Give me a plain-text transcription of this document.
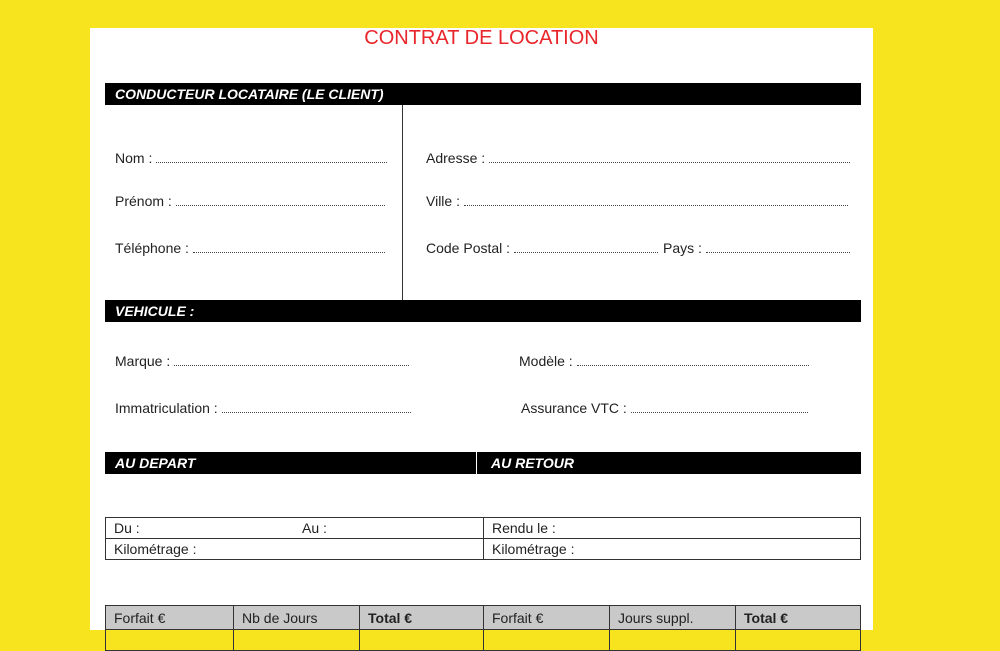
CONTRAT DE LOCATION
CONDUCTEUR LOCATAIRE (LE CLIENT)
Nom :
Prénom :
Téléphone :
Adresse :
Ville :
Code Postal :	Pays :
VEHICULE :
Marque :	Modèle :
Immatriculation :	Assurance VTC :
AU DEPART	AU RETOUR
Du : Au :	Rendu le :
Kilométrage :	Kilométrage :
Forfait €	Nb de Jours	Total €	Forfait €	Jours suppl.	Total €
